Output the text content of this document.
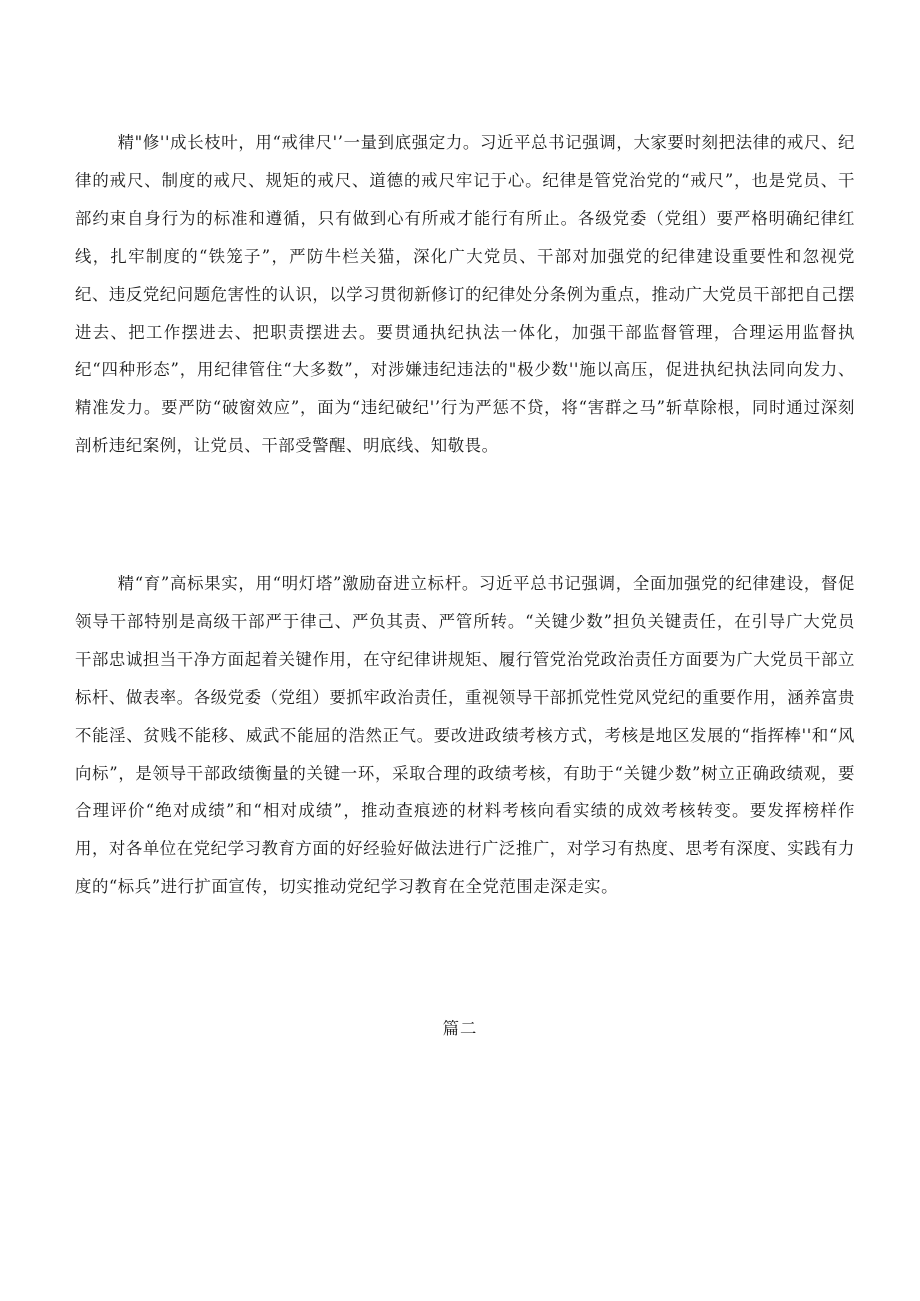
精"修''成长枝叶，用“戒律尺'’一量到底强定力。习近平总书记强调，大家要时刻把法律的戒尺、纪律的戒尺、制度的戒尺、规矩的戒尺、道德的戒尺牢记于心。纪律是管党治党的“戒尺”，也是党员、干部约束自身行为的标准和遵循，只有做到心有所戒才能行有所止。各级党委（党组）要严格明确纪律红线，扎牢制度的“铁笼子”，严防牛栏关猫，深化广大党员、干部对加强党的纪律建设重要性和忽视党纪、违反党纪问题危害性的认识，以学习贯彻新修订的纪律处分条例为重点，推动广大党员干部把自己摆进去、把工作摆进去、把职责摆进去。要贯通执纪执法一体化，加强干部监督管理，合理运用监督执纪“四种形态”，用纪律管住“大多数”，对涉嫌违纪违法的"极少数''施以高压，促进执纪执法同向发力、精准发力。要严防“破窗效应”，面为“违纪破纪'’行为严惩不贷，将“害群之马”斩草除根，同时通过深刻剖析违纪案例，让党员、干部受警醒、明底线、知敬畏。

精“育”高标果实，用“明灯塔”激励奋进立标杆。习近平总书记强调，全面加强党的纪律建设，督促领导干部特别是高级干部严于律己、严负其责、严管所转。“关键少数”担负关键责任，在引导广大党员干部忠诚担当干净方面起着关键作用，在守纪律讲规矩、履行管党治党政治责任方面要为广大党员干部立标杆、做表率。各级党委（党组）要抓牢政治责任，重视领导干部抓党性党风党纪的重要作用，涵养富贵不能淫、贫贱不能移、威武不能屈的浩然正气。要改进政绩考核方式，考核是地区发展的“指挥棒''和“风向标”，是领导干部政绩衡量的关键一环，采取合理的政绩考核，有助于“关键少数”树立正确政绩观，要合理评价“绝对成绩”和“相对成绩”，推动查痕迹的材料考核向看实绩的成效考核转变。要发挥榜样作用，对各单位在党纪学习教育方面的好经验好做法进行广泛推广，对学习有热度、思考有深度、实践有力度的“标兵”进行扩面宣传，切实推动党纪学习教育在全党范围走深走实。

篇二
